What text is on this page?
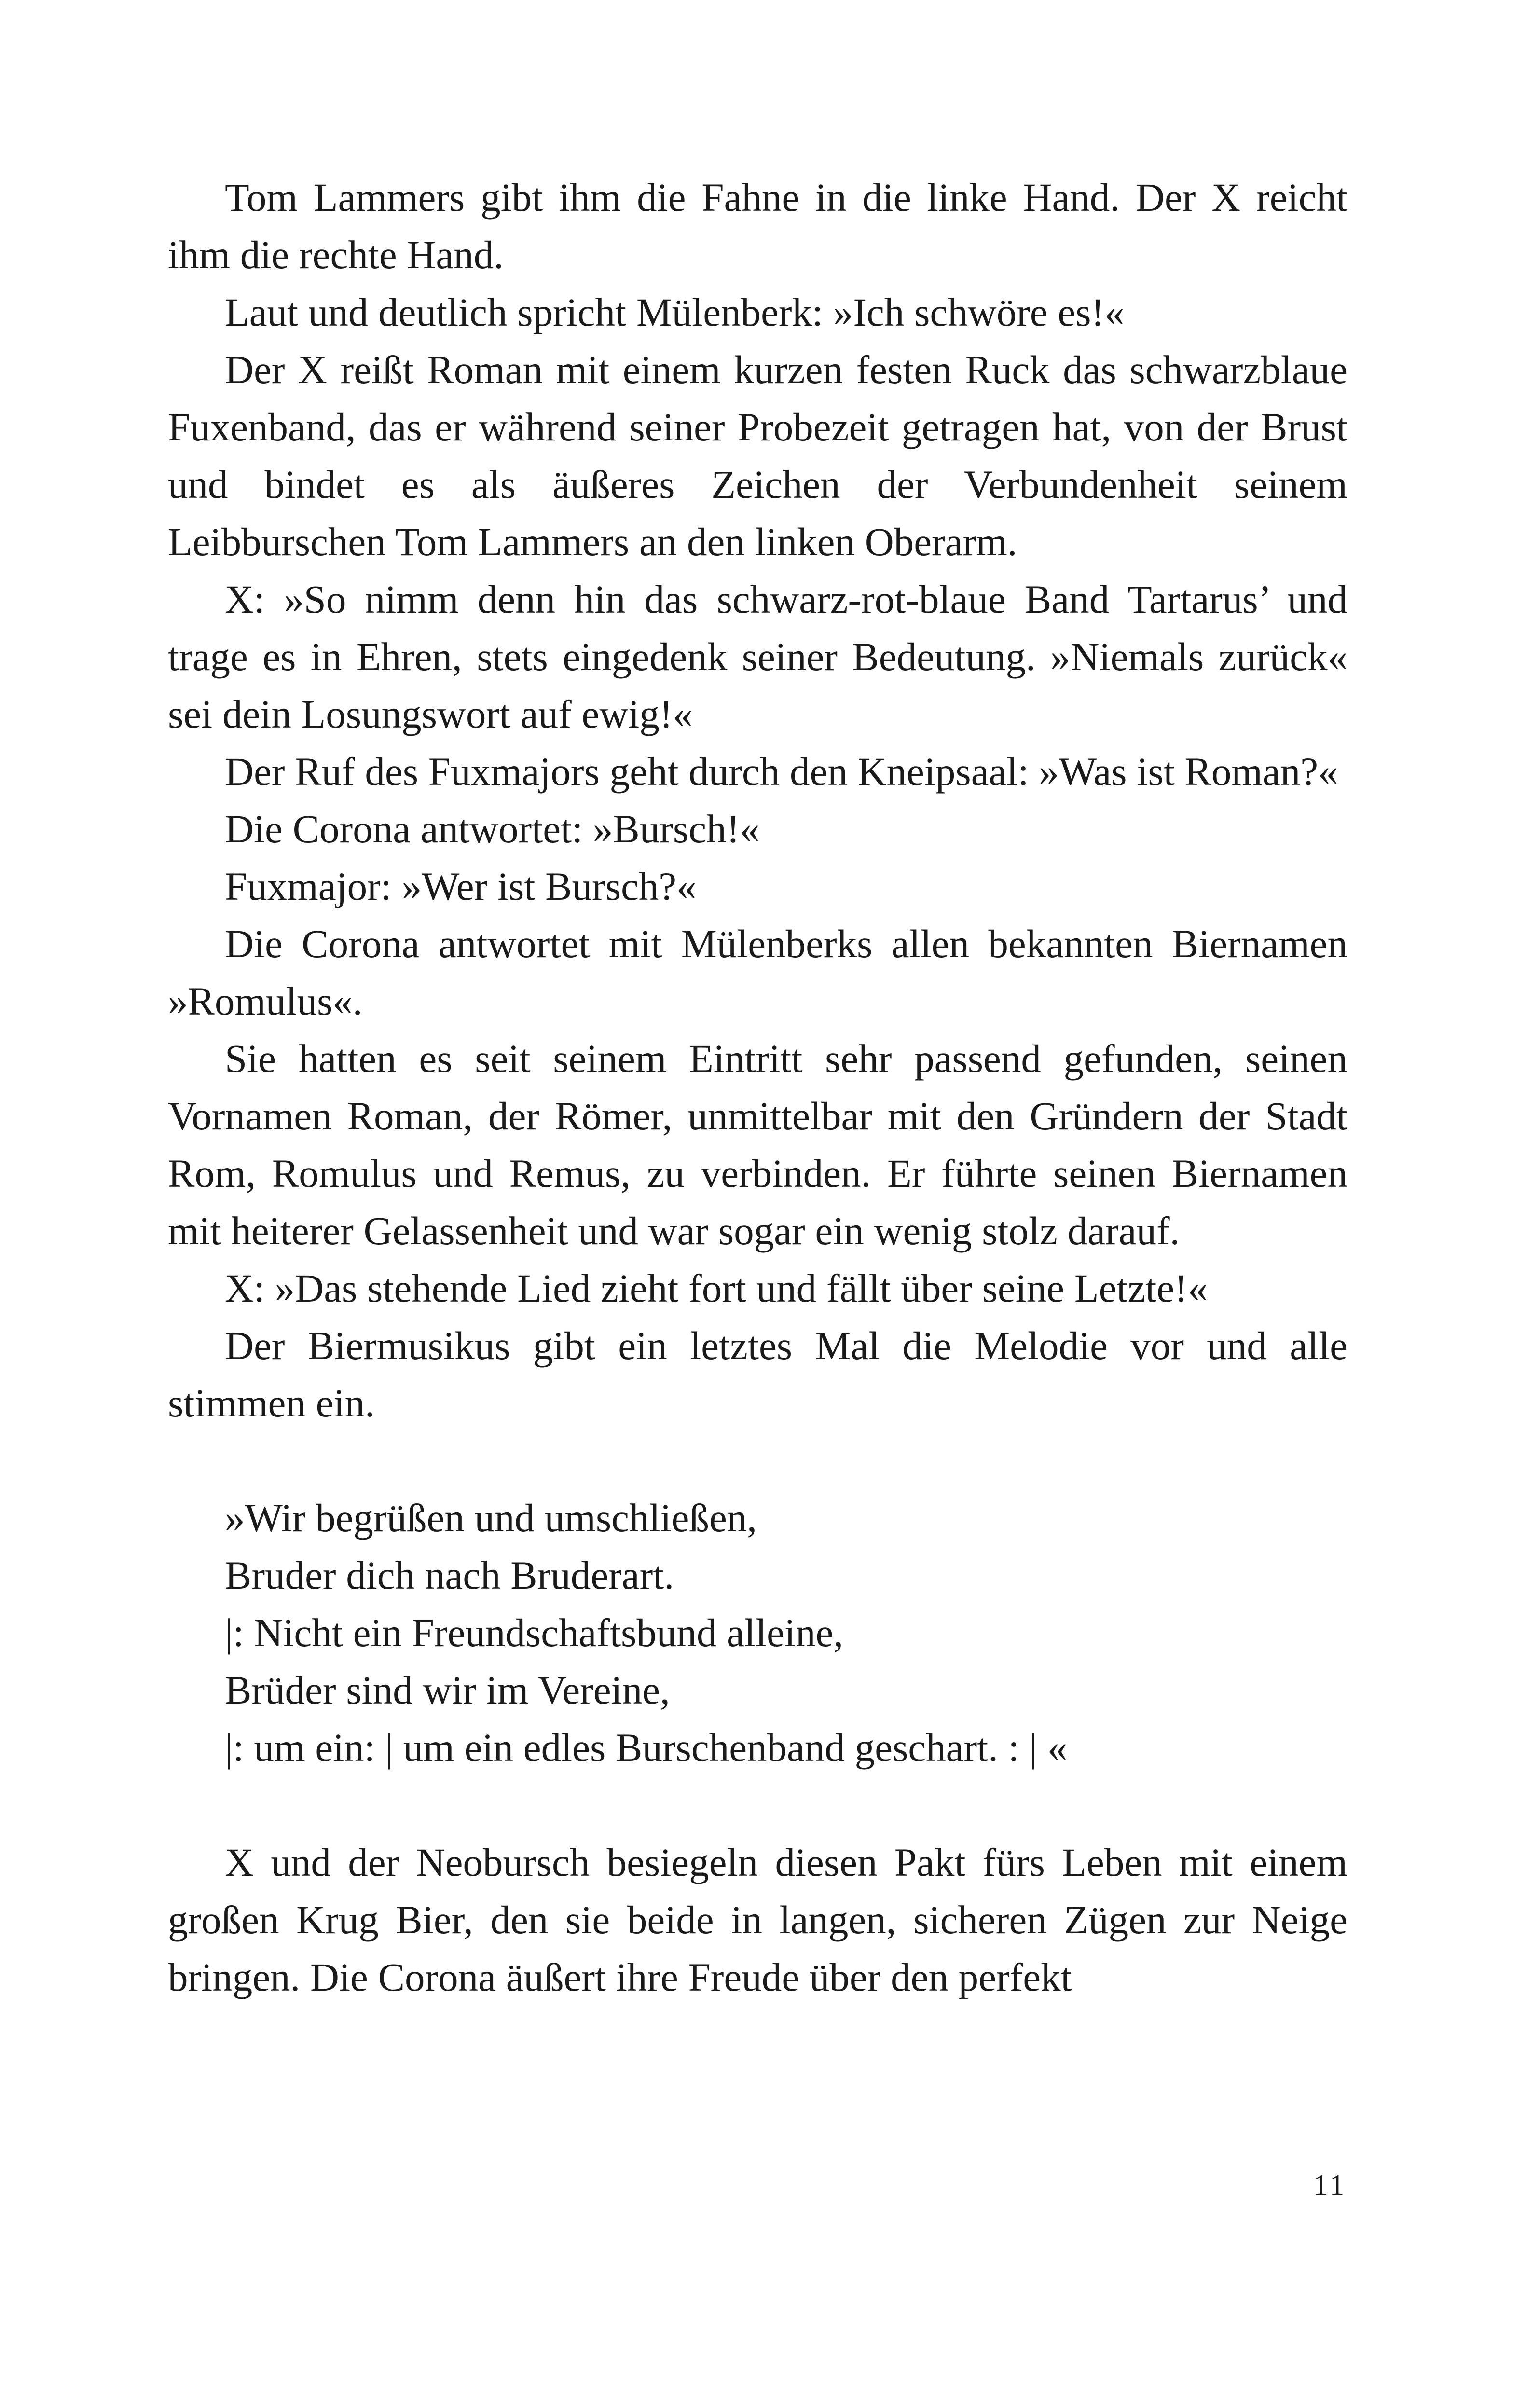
Tom Lammers gibt ihm die Fahne in die linke Hand. Der X reicht ihm die rechte Hand.

Laut und deutlich spricht Mülenberk: »Ich schwöre es!«

Der X reißt Roman mit einem kurzen festen Ruck das schwarzblaue Fuxenband, das er während seiner Probezeit getragen hat, von der Brust und bindet es als äußeres Zeichen der Verbundenheit seinem Leibburschen Tom Lammers an den linken Oberarm.

X: »So nimm denn hin das schwarz-rot-blaue Band Tartarus’ und trage es in Ehren, stets eingedenk seiner Bedeutung. »Niemals zurück« sei dein Losungswort auf ewig!«

Der Ruf des Fuxmajors geht durch den Kneipsaal: »Was ist Roman?«

Die Corona antwortet: »Bursch!«

Fuxmajor: »Wer ist Bursch?«

Die Corona antwortet mit Mülenberks allen bekannten Biernamen »Romulus«.

Sie hatten es seit seinem Eintritt sehr passend gefunden, seinen Vornamen Roman, der Römer, unmittelbar mit den Gründern der Stadt Rom, Romulus und Remus, zu verbinden. Er führte seinen Biernamen mit heiterer Gelassenheit und war sogar ein wenig stolz darauf.

X: »Das stehende Lied zieht fort und fällt über seine Letzte!«

Der Biermusikus gibt ein letztes Mal die Melodie vor und alle stimmen ein.

»Wir begrüßen und umschließen,
Bruder dich nach Bruderart.
|: Nicht ein Freundschaftsbund alleine,
Brüder sind wir im Vereine,
|: um ein: | um ein edles Burschenband geschart. : | «

X und der Neobursch besiegeln diesen Pakt fürs Leben mit einem großen Krug Bier, den sie beide in langen, sicheren Zügen zur Neige bringen. Die Corona äußert ihre Freude über den perfekt

11
